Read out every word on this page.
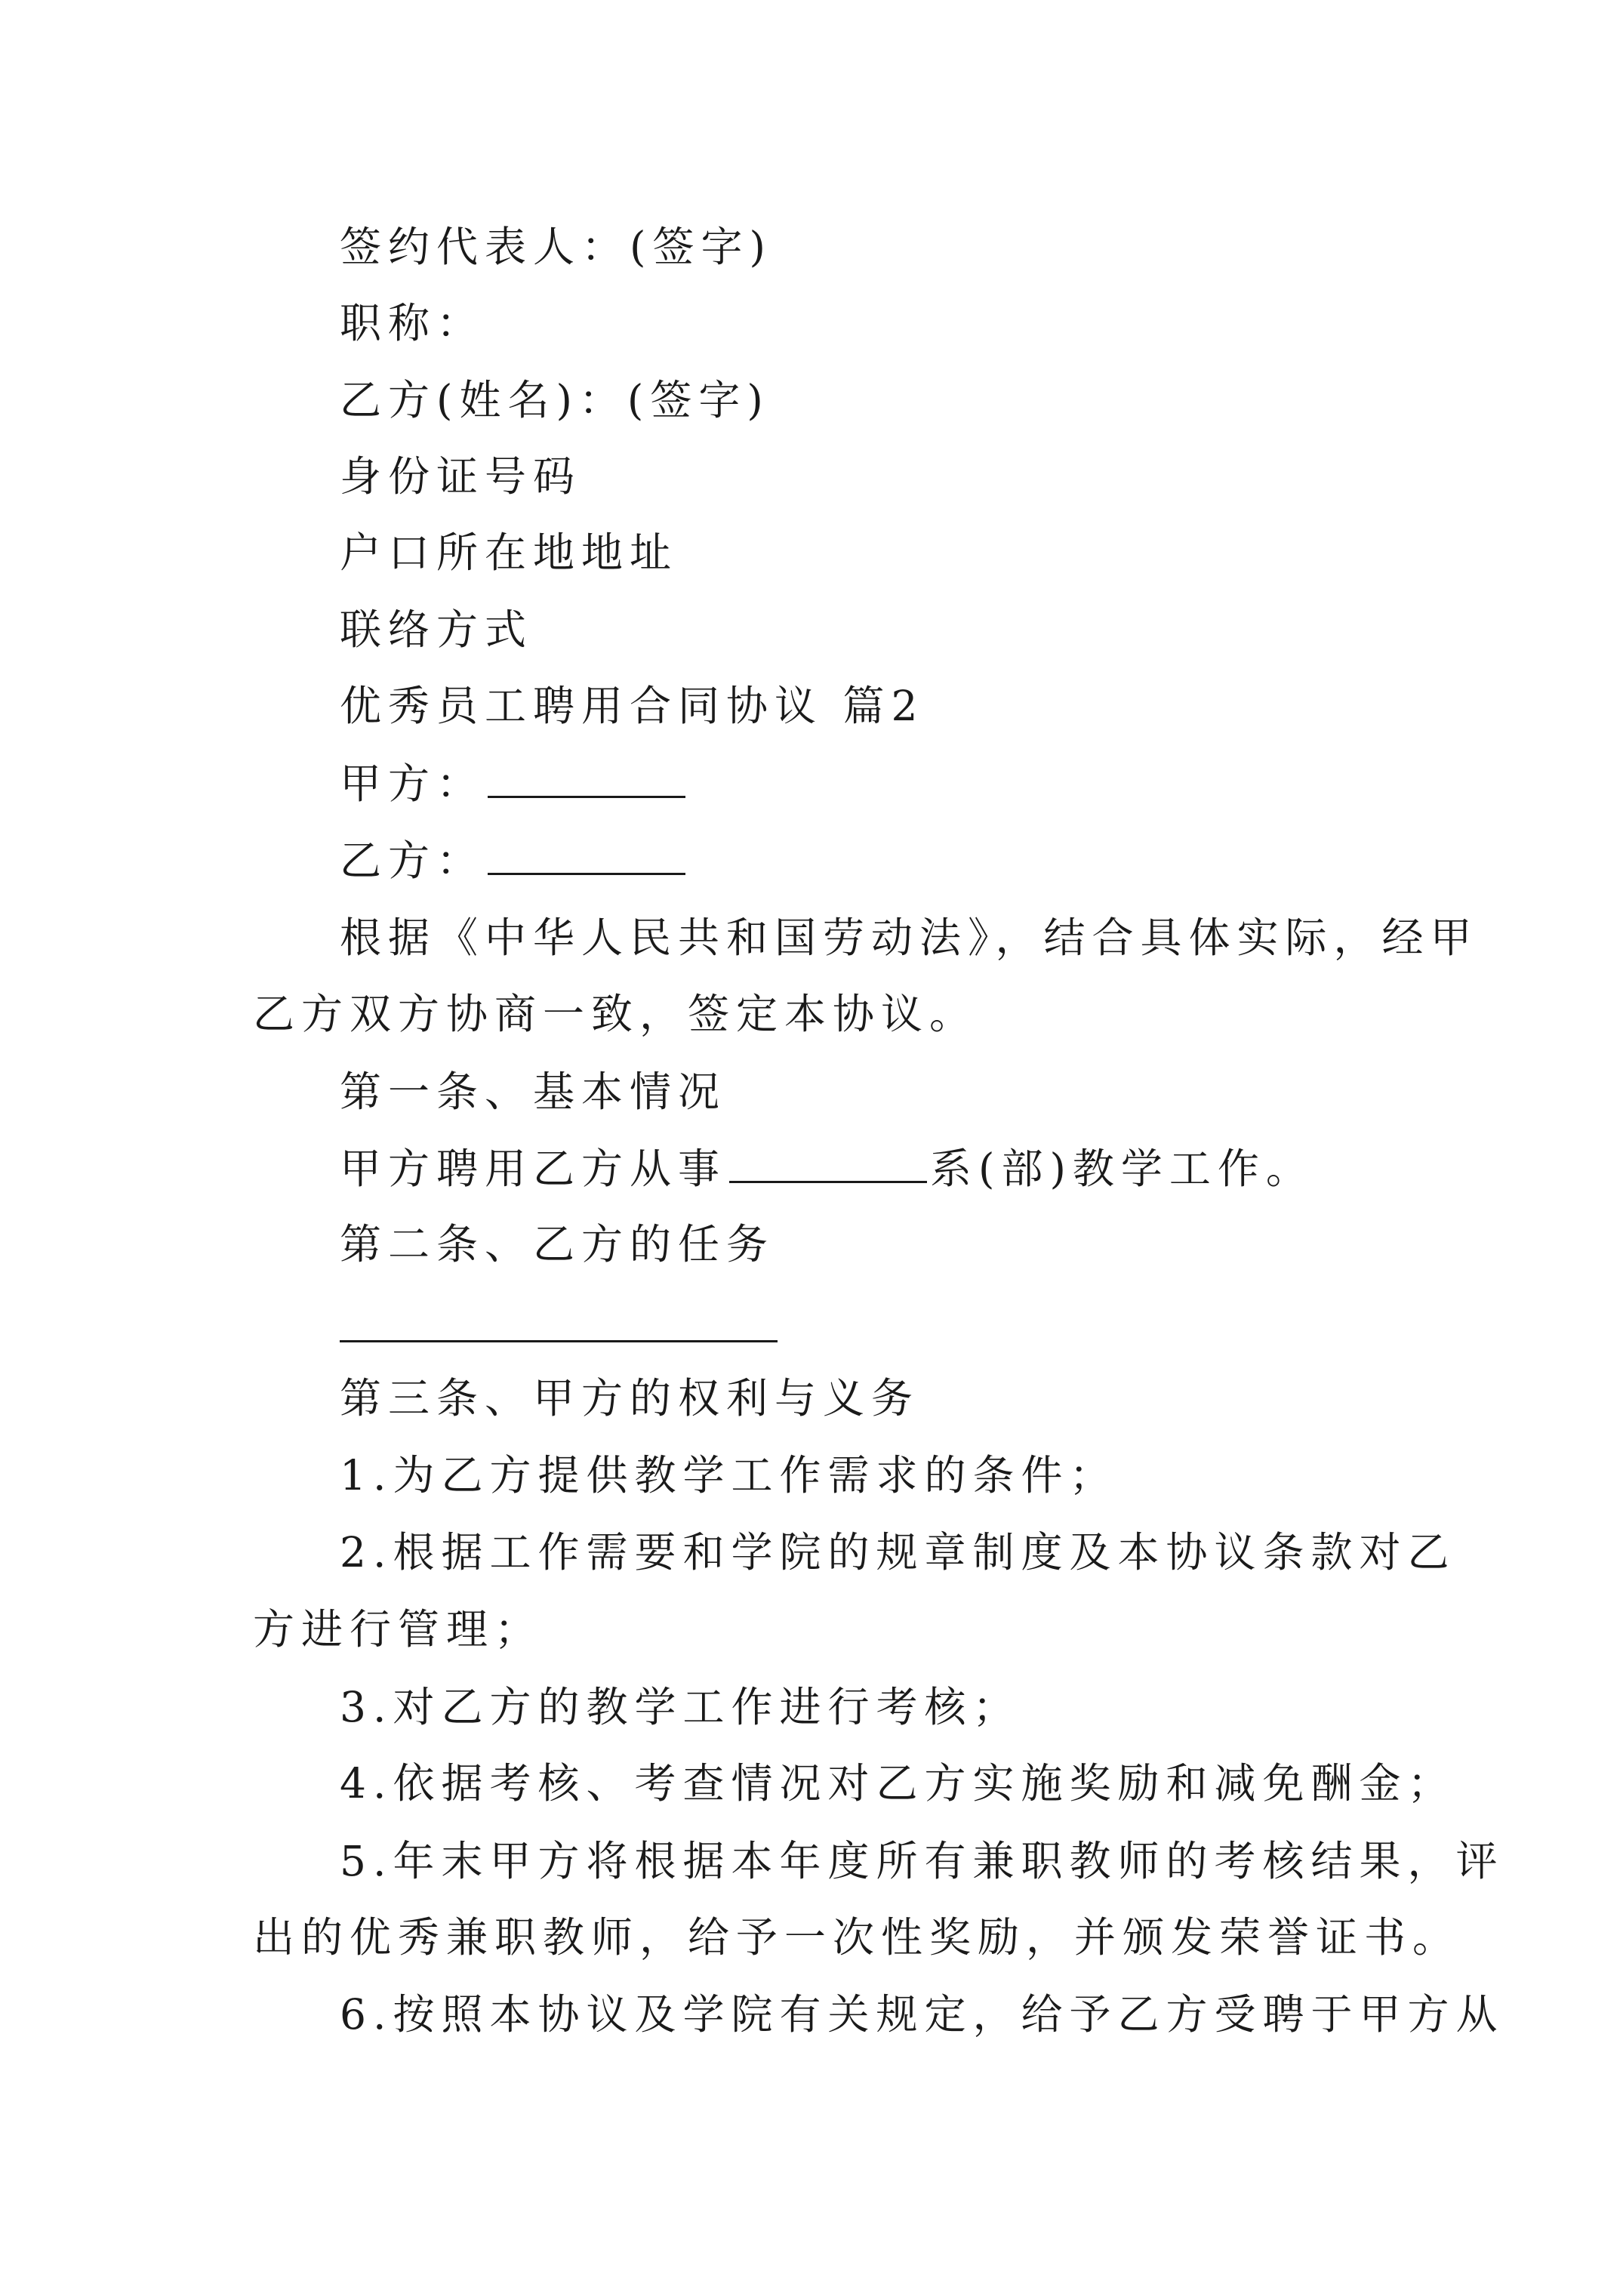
签约代表人：(签字)
职称：
乙方(姓名)：(签字)
身份证号码
户口所在地地址
联络方式
优秀员工聘用合同协议 篇2
甲方：
乙方：
根据《中华人民共和国劳动法》，结合具体实际，经甲
乙方双方协商一致，签定本协议。
第一条、基本情况
甲方聘用乙方从事	系(部)教学工作。
第二条、乙方的任务
第三条、甲方的权利与义务
1.为乙方提供教学工作需求的条件；
2.根据工作需要和学院的规章制度及本协议条款对乙
方进行管理；
3.对乙方的教学工作进行考核；
4.依据考核、考查情况对乙方实施奖励和减免酬金；
5.年末甲方将根据本年度所有兼职教师的考核结果，评
出的优秀兼职教师，给予一次性奖励，并颁发荣誉证书。
6.按照本协议及学院有关规定，给予乙方受聘于甲方从
